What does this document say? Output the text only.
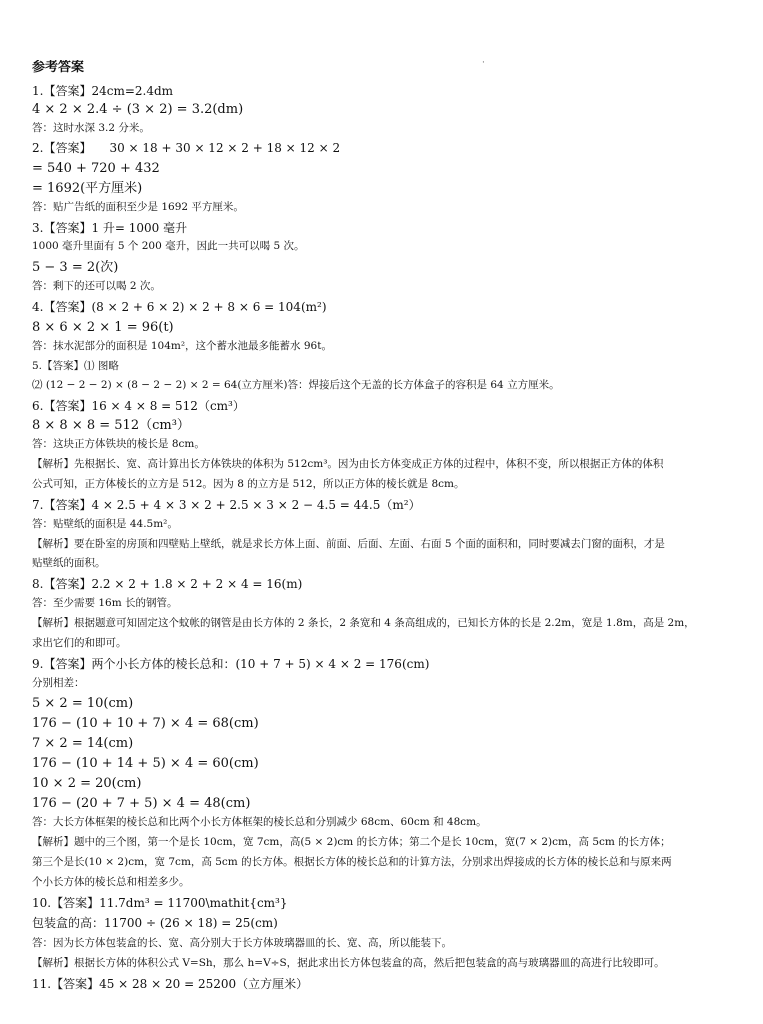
参考答案	·
1.【答案】24cm=2.4dm
4 × 2 × 2.4 ÷ (3 × 2) = 3.2(dm)
答：这时水深 3.2 分米。
2.【答案】　　30 × 18 + 30 × 12 × 2 + 18 × 12 × 2
= 540 + 720 + 432
= 1692(平方厘米)
答：贴广告纸的面积至少是 1692 平方厘米。
3.【答案】1 升= 1000 毫升
1000 毫升里面有 5 个 200 毫升，因此一共可以喝 5 次。
5 − 3 = 2(次)
答：剩下的还可以喝 2 次。
4.【答案】(8 × 2 + 6 × 2) × 2 + 8 × 6 = 104(m²)
8 × 6 × 2 × 1 = 96(t)
答：抹水泥部分的面积是 104m²，这个蓄水池最多能蓄水 96t。
5.【答案】⑴ 图略
⑵ (12 − 2 − 2) × (8 − 2 − 2) × 2 = 64(立方厘米)答：焊接后这个无盖的长方体盒子的容积是 64 立方厘米。
6.【答案】16 × 4 × 8 = 512（cm³）
8 × 8 × 8 = 512（cm³）
答：这块正方体铁块的棱长是 8cm。
【解析】先根据长、宽、高计算出长方体铁块的体积为 512cm³。因为由长方体变成正方体的过程中，体积不变，所以根据正方体的体积
公式可知，正方体棱长的立方是 512。因为 8 的立方是 512，所以正方体的棱长就是 8cm。
7.【答案】4 × 2.5 + 4 × 3 × 2 + 2.5 × 3 × 2 − 4.5 = 44.5（m²）
答：贴壁纸的面积是 44.5m²。
【解析】要在卧室的房顶和四壁贴上壁纸，就是求长方体上面、前面、后面、左面、右面 5 个面的面积和，同时要减去门窗的面积，才是
贴壁纸的面积。
8.【答案】2.2 × 2 + 1.8 × 2 + 2 × 4 = 16(m)
答：至少需要 16m 长的钢管。
【解析】根据题意可知固定这个蚊帐的钢管是由长方体的 2 条长，2 条宽和 4 条高组成的，已知长方体的长是 2.2m，宽是 1.8m，高是 2m，
求出它们的和即可。
9.【答案】两个小长方体的棱长总和：(10 + 7 + 5) × 4 × 2 = 176(cm)
分别相差：
5 × 2 = 10(cm)
176 − (10 + 10 + 7) × 4 = 68(cm)
7 × 2 = 14(cm)
176 − (10 + 14 + 5) × 4 = 60(cm)
10 × 2 = 20(cm)
176 − (20 + 7 + 5) × 4 = 48(cm)
答：大长方体框架的棱长总和比两个小长方体框架的棱长总和分别减少 68cm、60cm 和 48cm。
【解析】题中的三个图，第一个是长 10cm，宽 7cm，高(5 × 2)cm 的长方体；第二个是长 10cm，宽(7 × 2)cm，高 5cm 的长方体；
第三个是长(10 × 2)cm，宽 7cm，高 5cm 的长方体。根据长方体的棱长总和的计算方法，分别求出焊接成的长方体的棱长总和与原来两
个小长方体的棱长总和相差多少。
10.【答案】11.7dm³ = 11700\mathit{cm³}
包装盒的高：11700 ÷ (26 × 18) = 25(cm)
答：因为长方体包装盒的长、宽、高分别大于长方体玻璃器皿的长、宽、高，所以能装下。
【解析】根据长方体的体积公式 V=Sh，那么 h=V÷S，据此求出长方体包装盒的高，然后把包装盒的高与玻璃器皿的高进行比较即可。
11.【答案】45 × 28 × 20 = 25200（立方厘米）
